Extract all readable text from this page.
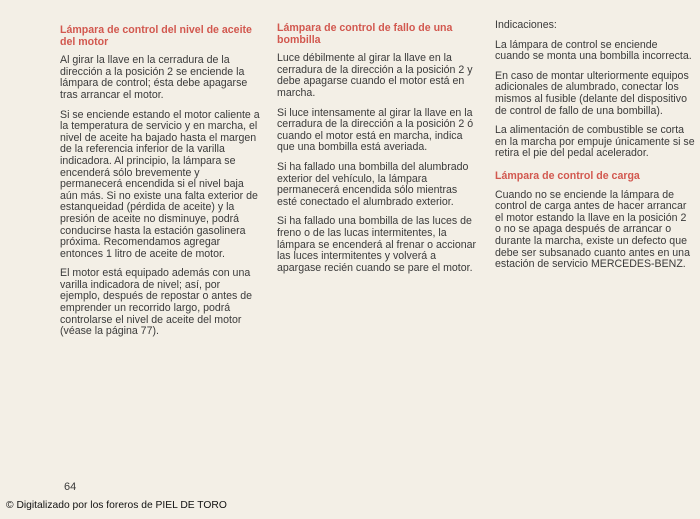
Lámpara de control del nivel de aceite del motor

Al girar la llave en la cerradura de la dirección a la posición 2 se enciende la lámpara de control; ésta debe apagarse tras arrancar el motor.

Si se enciende estando el motor caliente a la temperatura de servicio y en marcha, el nivel de aceite ha bajado hasta el margen de la referencia inferior de la varilla indicadora. Al principio, la lámpara se encenderá sólo brevemente y permanecerá encendida si el nivel baja aún más. Si no existe una falta exterior de estanqueidad (pérdida de aceite) y la presión de aceite no disminuye, podrá conducirse hasta la estación gasolinera próxima. Recomendamos agregar entonces 1 litro de aceite de motor.

El motor está equipado además con una varilla indicadora de nivel; así, por ejemplo, después de repostar o antes de emprender un recorrido largo, podrá controlarse el nivel de aceite del motor (véase la página 77).

Lámpara de control de fallo de una bombilla

Luce débilmente al girar la llave en la cerradura de la dirección a la posición 2 y debe apagarse cuando el motor está en marcha.

Si luce intensamente al girar la llave en la cerradura de la dirección a la posición 2 ó cuando el motor está en marcha, indica que una bombilla está averiada.

Si ha fallado una bombilla del alumbrado exterior del vehículo, la lámpara permanecerá encendida sólo mientras esté conectado el alumbrado exterior.

Si ha fallado una bombilla de las luces de freno o de las lucas intermitentes, la lámpara se encenderá al frenar o accionar las luces intermitentes y volverá a apargase recién cuando se pare el motor.

Indicaciones:

La lámpara de control se enciende cuando se monta una bombilla incorrecta.

En caso de montar ulteriormente equipos adicionales de alumbrado, conectar los mismos al fusible (delante del dispositivo de control de fallo de una bombilla).

La alimentación de combustible se corta en la marcha por empuje únicamente si se retira el pie del pedal acelerador.

Lámpara de control de carga

Cuando no se enciende la lámpara de control de carga antes de hacer arrancar el motor estando la llave en la posición 2 o no se apaga después de arrancar o durante la marcha, existe un defecto que debe ser subsanado cuanto antes en una estación de servicio MERCEDES-BENZ.

64
© Digitalizado por los foreros de PIEL DE TORO
